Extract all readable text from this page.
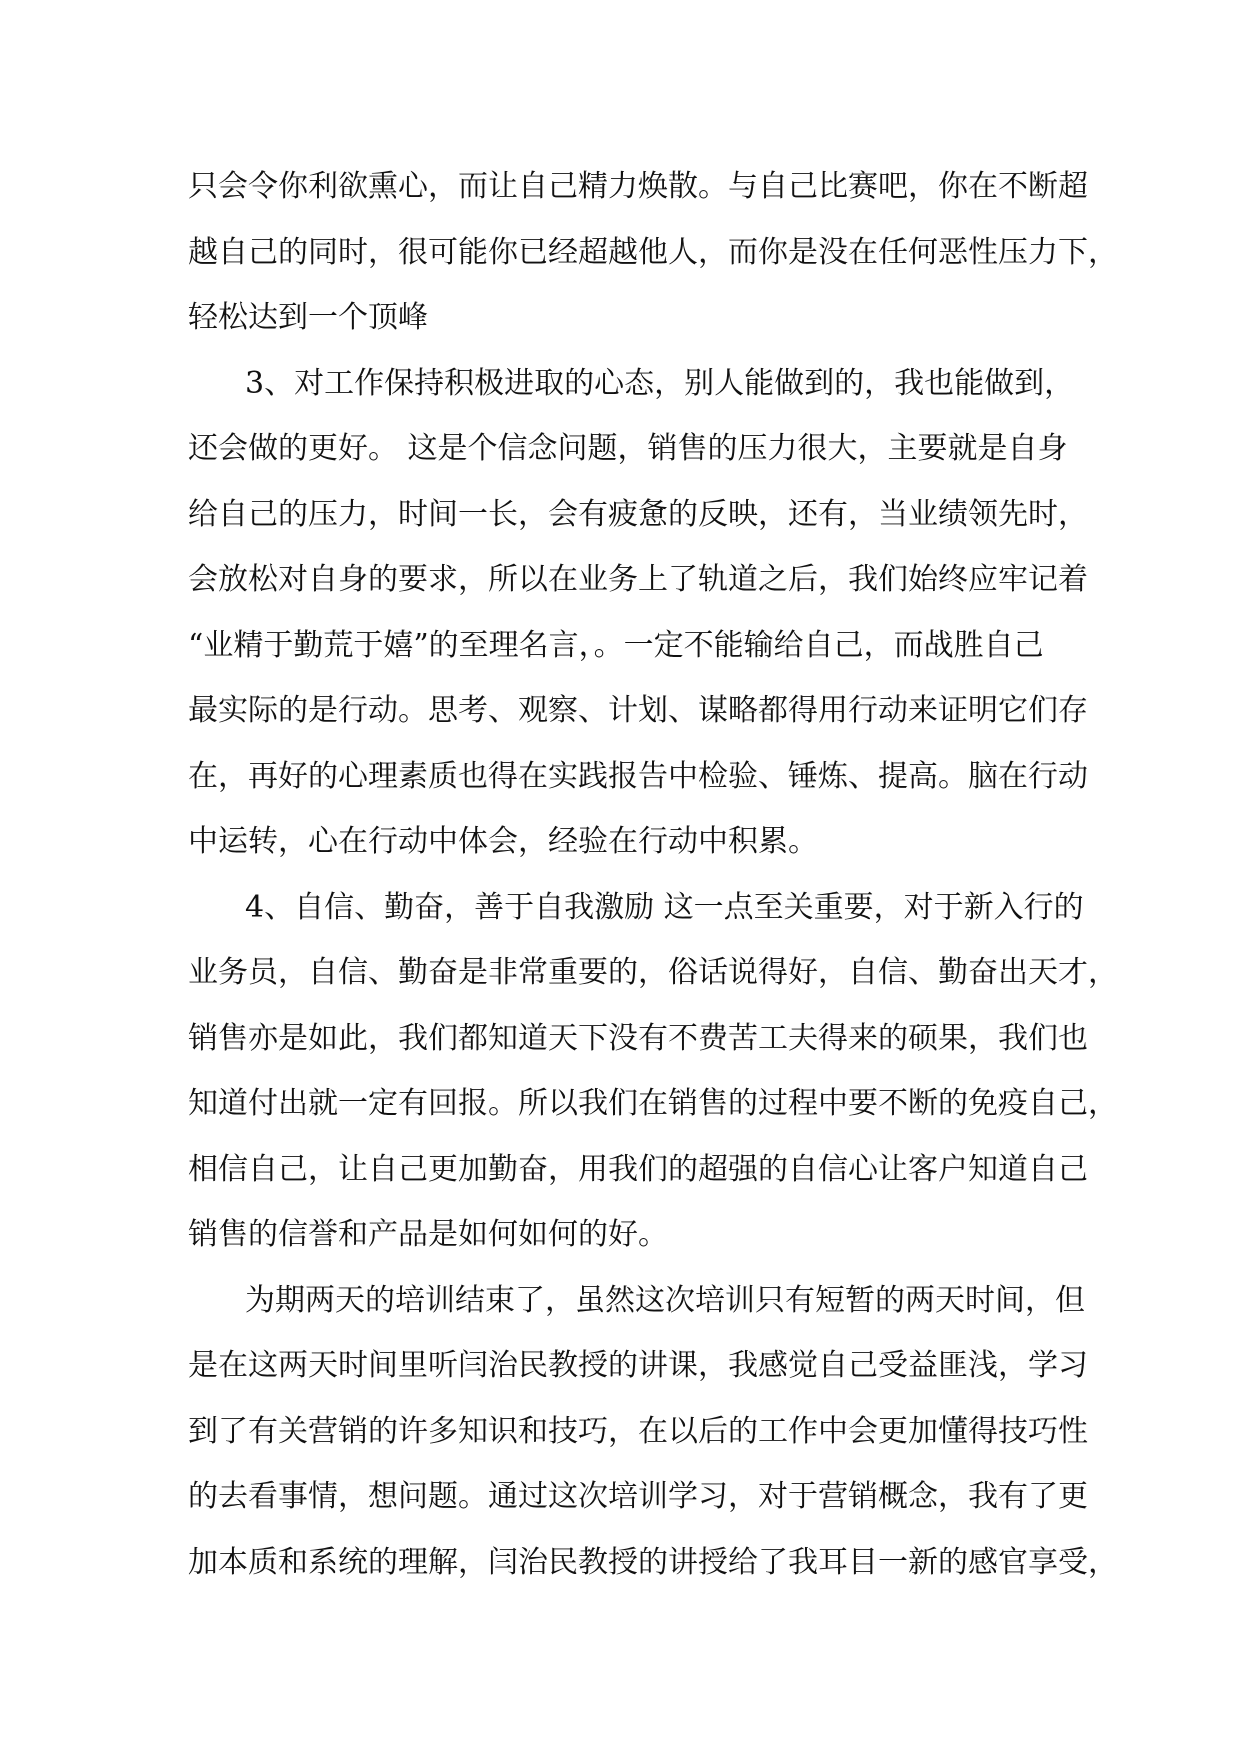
只会令你利欲熏心，而让自己精力焕散。与自己比赛吧，你在不断超
越自己的同时，很可能你已经超越他人，而你是没在任何恶性压力下，
轻松达到一个顶峰
3、对工作保持积极进取的心态，别人能做到的，我也能做到，
还会做的更好。 这是个信念问题，销售的压力很大，主要就是自身
给自己的压力，时间一长，会有疲惫的反映，还有，当业绩领先时，
会放松对自身的要求，所以在业务上了轨道之后，我们始终应牢记着
“业精于勤荒于嬉”的至理名言，。一定不能输给自己，而战胜自己
最实际的是行动。思考、观察、计划、谋略都得用行动来证明它们存
在，再好的心理素质也得在实践报告中检验、锤炼、提高。脑在行动
中运转，心在行动中体会，经验在行动中积累。
4、自信、勤奋，善于自我激励 这一点至关重要，对于新入行的
业务员，自信、勤奋是非常重要的，俗话说得好，自信、勤奋出天才，
销售亦是如此，我们都知道天下没有不费苦工夫得来的硕果，我们也
知道付出就一定有回报。所以我们在销售的过程中要不断的免疫自己，
相信自己，让自己更加勤奋，用我们的超强的自信心让客户知道自己
销售的信誉和产品是如何如何的好。
为期两天的培训结束了，虽然这次培训只有短暂的两天时间，但
是在这两天时间里听闫治民教授的讲课，我感觉自己受益匪浅，学习
到了有关营销的许多知识和技巧，在以后的工作中会更加懂得技巧性
的去看事情，想问题。通过这次培训学习，对于营销概念，我有了更
加本质和系统的理解，闫治民教授的讲授给了我耳目一新的感官享受，
